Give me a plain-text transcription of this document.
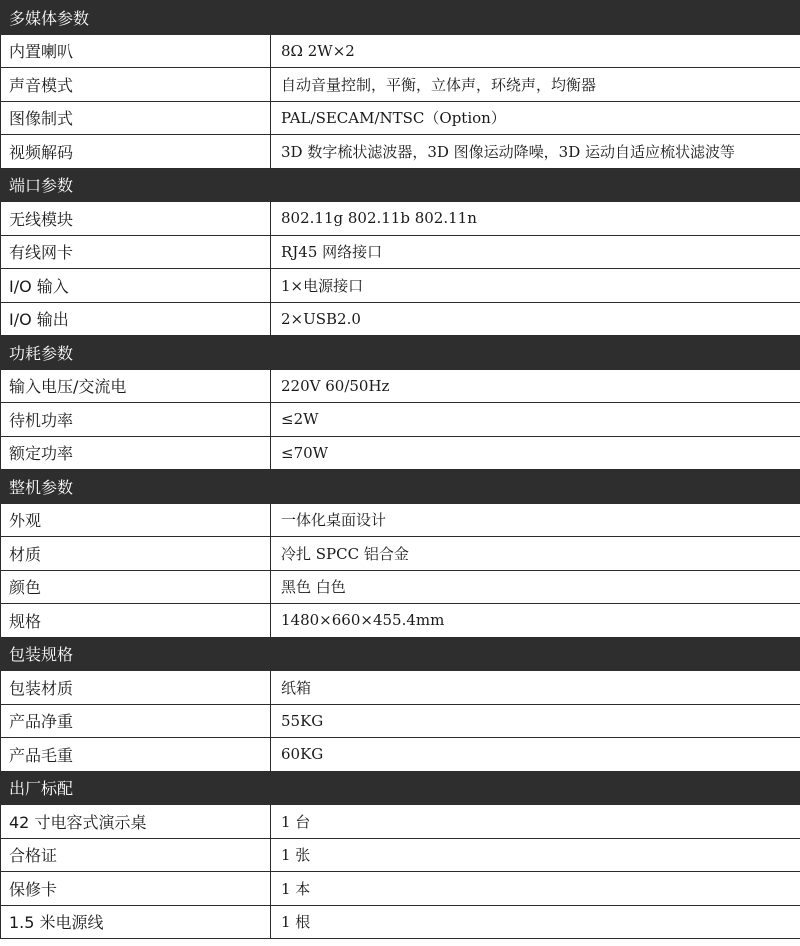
多媒体参数	
内置喇叭	8Ω 2W×2
声音模式	自动音量控制，平衡，立体声，环绕声，均衡器
图像制式	PAL/SECAM/NTSC（Option）
视频解码	3D 数字梳状滤波器，3D 图像运动降噪，3D 运动自适应梳状滤波等
端口参数	
无线模块	802.11g 802.11b 802.11n
有线网卡	RJ45 网络接口
I/O 输入	1×电源接口
I/O 输出	2×USB2.0
功耗参数	
输入电压/交流电	220V 60/50Hz
待机功率	≤2W
额定功率	≤70W
整机参数	
外观	一体化桌面设计
材质	冷扎 SPCC 铝合金
颜色	黑色 白色
规格	1480×660×455.4mm
包装规格	
包装材质	纸箱
产品净重	55KG
产品毛重	60KG
出厂标配	
42 寸电容式演示桌	1 台
合格证	1 张
保修卡	1 本
1.5 米电源线	1 根
